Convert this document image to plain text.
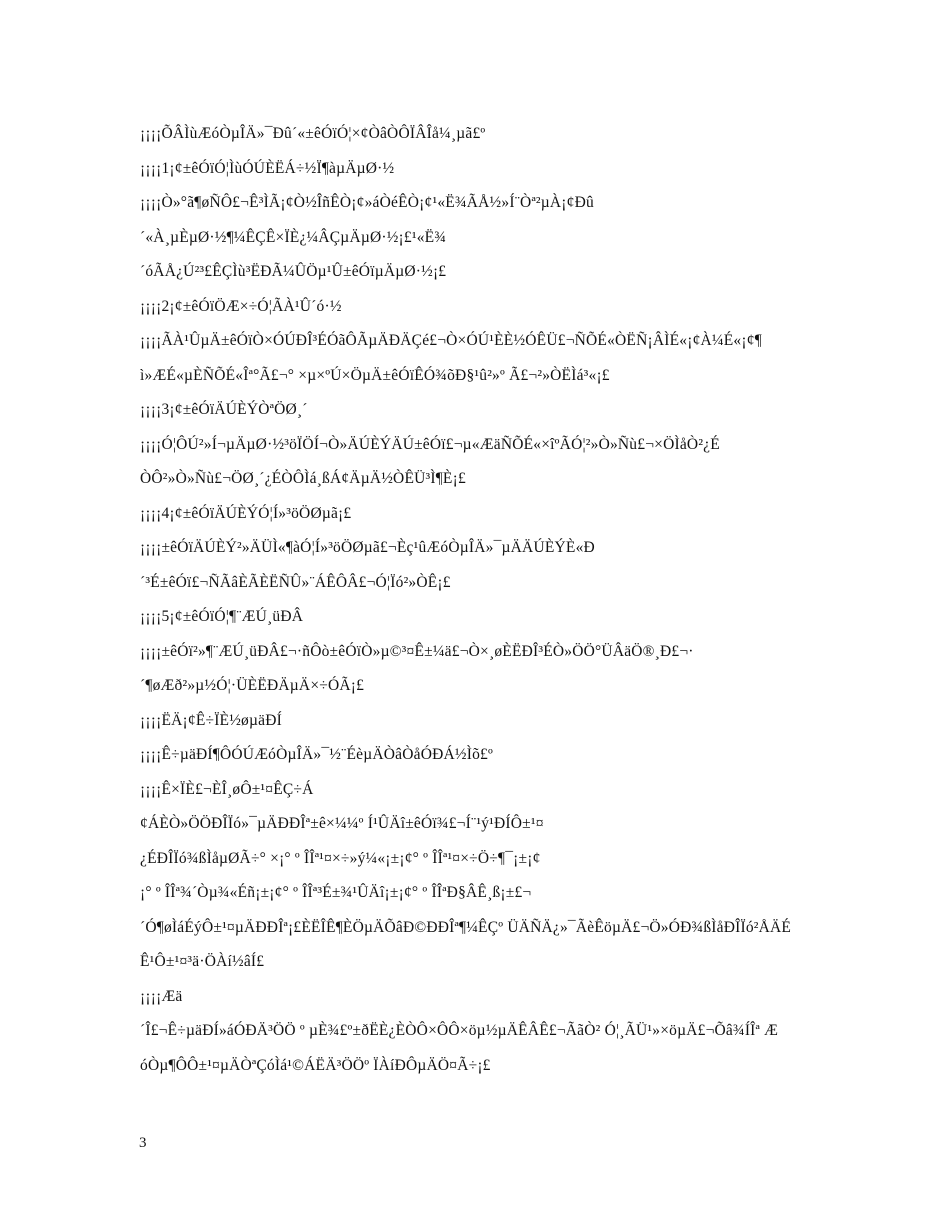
¡¡¡¡ÕÂÌùÆóÒµÎÄ»¯Ðû´«±êÓïÓ¦×¢ÒâÒÔÏÂÎå¼¸µã£º
¡¡¡¡1¡¢±êÓïÓ¦ÌùÓÚÈËÁ÷½Ï¶àµÄµØ·½
¡¡¡¡Ò»°ã¶øÑÔ£¬Ê³ÌÃ¡¢Ò½ÎñÊÒ¡¢»áÒéÊÒ¡¢¹«Ë¾ÃÅ½»Í¨Òª²µÀ¡¢Ðû
´«À¸µÈµØ·½¶¼ÊÇÊ×ÏÈ¿¼ÂÇµÄµØ·½¡£¹«Ë¾
´óÃÅ¿Ú²³£ÊÇÌù³ËÐÃ¼ÛÖµ¹Û±êÓïµÄµØ·½¡£
¡¡¡¡2¡¢±êÓïÖÆ×÷Ó¦ÃÀ¹Û´ó·½
¡¡¡¡ÃÀ¹ÛµÄ±êÓïÒ×ÓÚÐÎ³ÉÓãÔÃµÄÐÄÇé£¬Ò×ÓÚ¹ÈÈ½ÓÊÜ£¬ÑÕÉ«ÒËÑ¡ÂÌÉ«¡¢À¼É«¡¢¶
ì»ÆÉ«µÈÑÕÉ«Îª°Ã£¬° ×µ×ºÚ×ÖµÄ±êÓïÊÓ¾õÐ§¹û²»º Ã£¬²»ÒËÌá³«¡£
¡¡¡¡3¡¢±êÓïÄÚÈÝÒªÖØ¸´
¡¡¡¡Ó¦ÔÚ²»Í¬µÄµØ·½³öÏÖÍ¬Ò»ÄÚÈÝÄÚ±êÓï£¬µ«ÆäÑÕÉ«×îºÃÓ¦²»Ò»Ñù£¬×ÖÌåÒ²¿É
ÒÔ²»Ò»Ñù£¬ÖØ¸´¿ÉÒÔÌá¸ßÁ¢ÄµÄ½ÒÊÜ³Ì¶È¡£
¡¡¡¡4¡¢±êÓïÄÚÈÝÓ¦Í»³öÖØµã¡£
¡¡¡¡±êÓïÄÚÈÝ²»ÄÜÌ«¶àÓ¦Í»³öÖØµã£¬Èç¹ûÆóÒµÎÄ»¯µÄÄÚÈÝÈ«Ð
´³É±êÓï£¬ÑÃâÈÃÈËÑÛ»¨ÁÊÔÂ£¬Ó¦Ïó²»ÒÊ¡£
¡¡¡¡5¡¢±êÓïÓ¦¶¨ÆÚ¸üÐÂ
¡¡¡¡±êÓï²»¶¨ÆÚ¸üÐÂ£¬·ñÔò±êÓïÒ»µ©³¤Ê±¼ä£¬Ò×¸øÈËÐÎ³ÉÒ»ÖÖ°ÜÂäÖ®¸Ð£¬·
´¶øÆð²»µ½Ó¦·ÜÈËÐÄµÄ×÷ÓÃ¡£
¡¡¡¡ËÄ¡¢Ê÷ÏÈ½øµäÐÍ
¡¡¡¡Ê÷µäÐÍ¶ÔÓÚÆóÒµÎÄ»¯½¨ÉèµÄÒâÒåÓÐÁ½Ìõ£º
¡¡¡¡Ê×ÏÈ£¬ÈÎ¸øÔ±¹¤ÊÇ÷Á
¢ÁÈÒ»ÖÖÐÎÏó»¯µÄÐÐÎª±ê×¼¼º Í¹ÛÄî±êÓï¾£¬Í¨¹ý¹ÐÍÔ±¹¤
¿ÉÐÎÏó¾ßÌåµØÃ÷° ×¡° º ÎÎª¹¤×÷»ý¼«¡±¡¢° º ÎÎª¹¤×÷Ö÷¶¯¡±¡¢
¡° º ÎÎª¾´Òµ¾«Éñ¡±¡¢° º ÎÎª³É±¾¹ÛÄî¡±¡¢° º ÎÎªÐ§ÂÊ¸ß¡±£¬
´Ó¶øÌáÉýÔ±¹¤µÄÐÐÎª¡£ÈËÎÊ¶ÈÖµÄÕâÐ©ÐÐÎª¶¼ÊÇº ÜÄÑÄ¿»¯ÃèÊöµÄ£¬Ö»ÓÐ¾ßÌåÐÎÏó²ÅÄÉ
Ê¹Ô±¹¤³ä·ÖÀí½âÍ£
¡¡¡¡Æä
´Î£¬Ê÷µäÐÍ»áÓÐÄ³ÖÖ º µÈ¾£º±ðËÈ¿ÈÒÔ×ÔÔ×öµ½µÄÊÂÊ£¬ÃãÒ² Ó¦¸ÃÜ¹»×öµÄ£¬Õâ¾ÍÎª Æ
óÒµ¶ÔÔ±¹¤µÄÒªÇóÌá¹©ÁËÄ³ÖÖº ÏÀíÐÔµÄÖ¤Ã÷¡£
3
